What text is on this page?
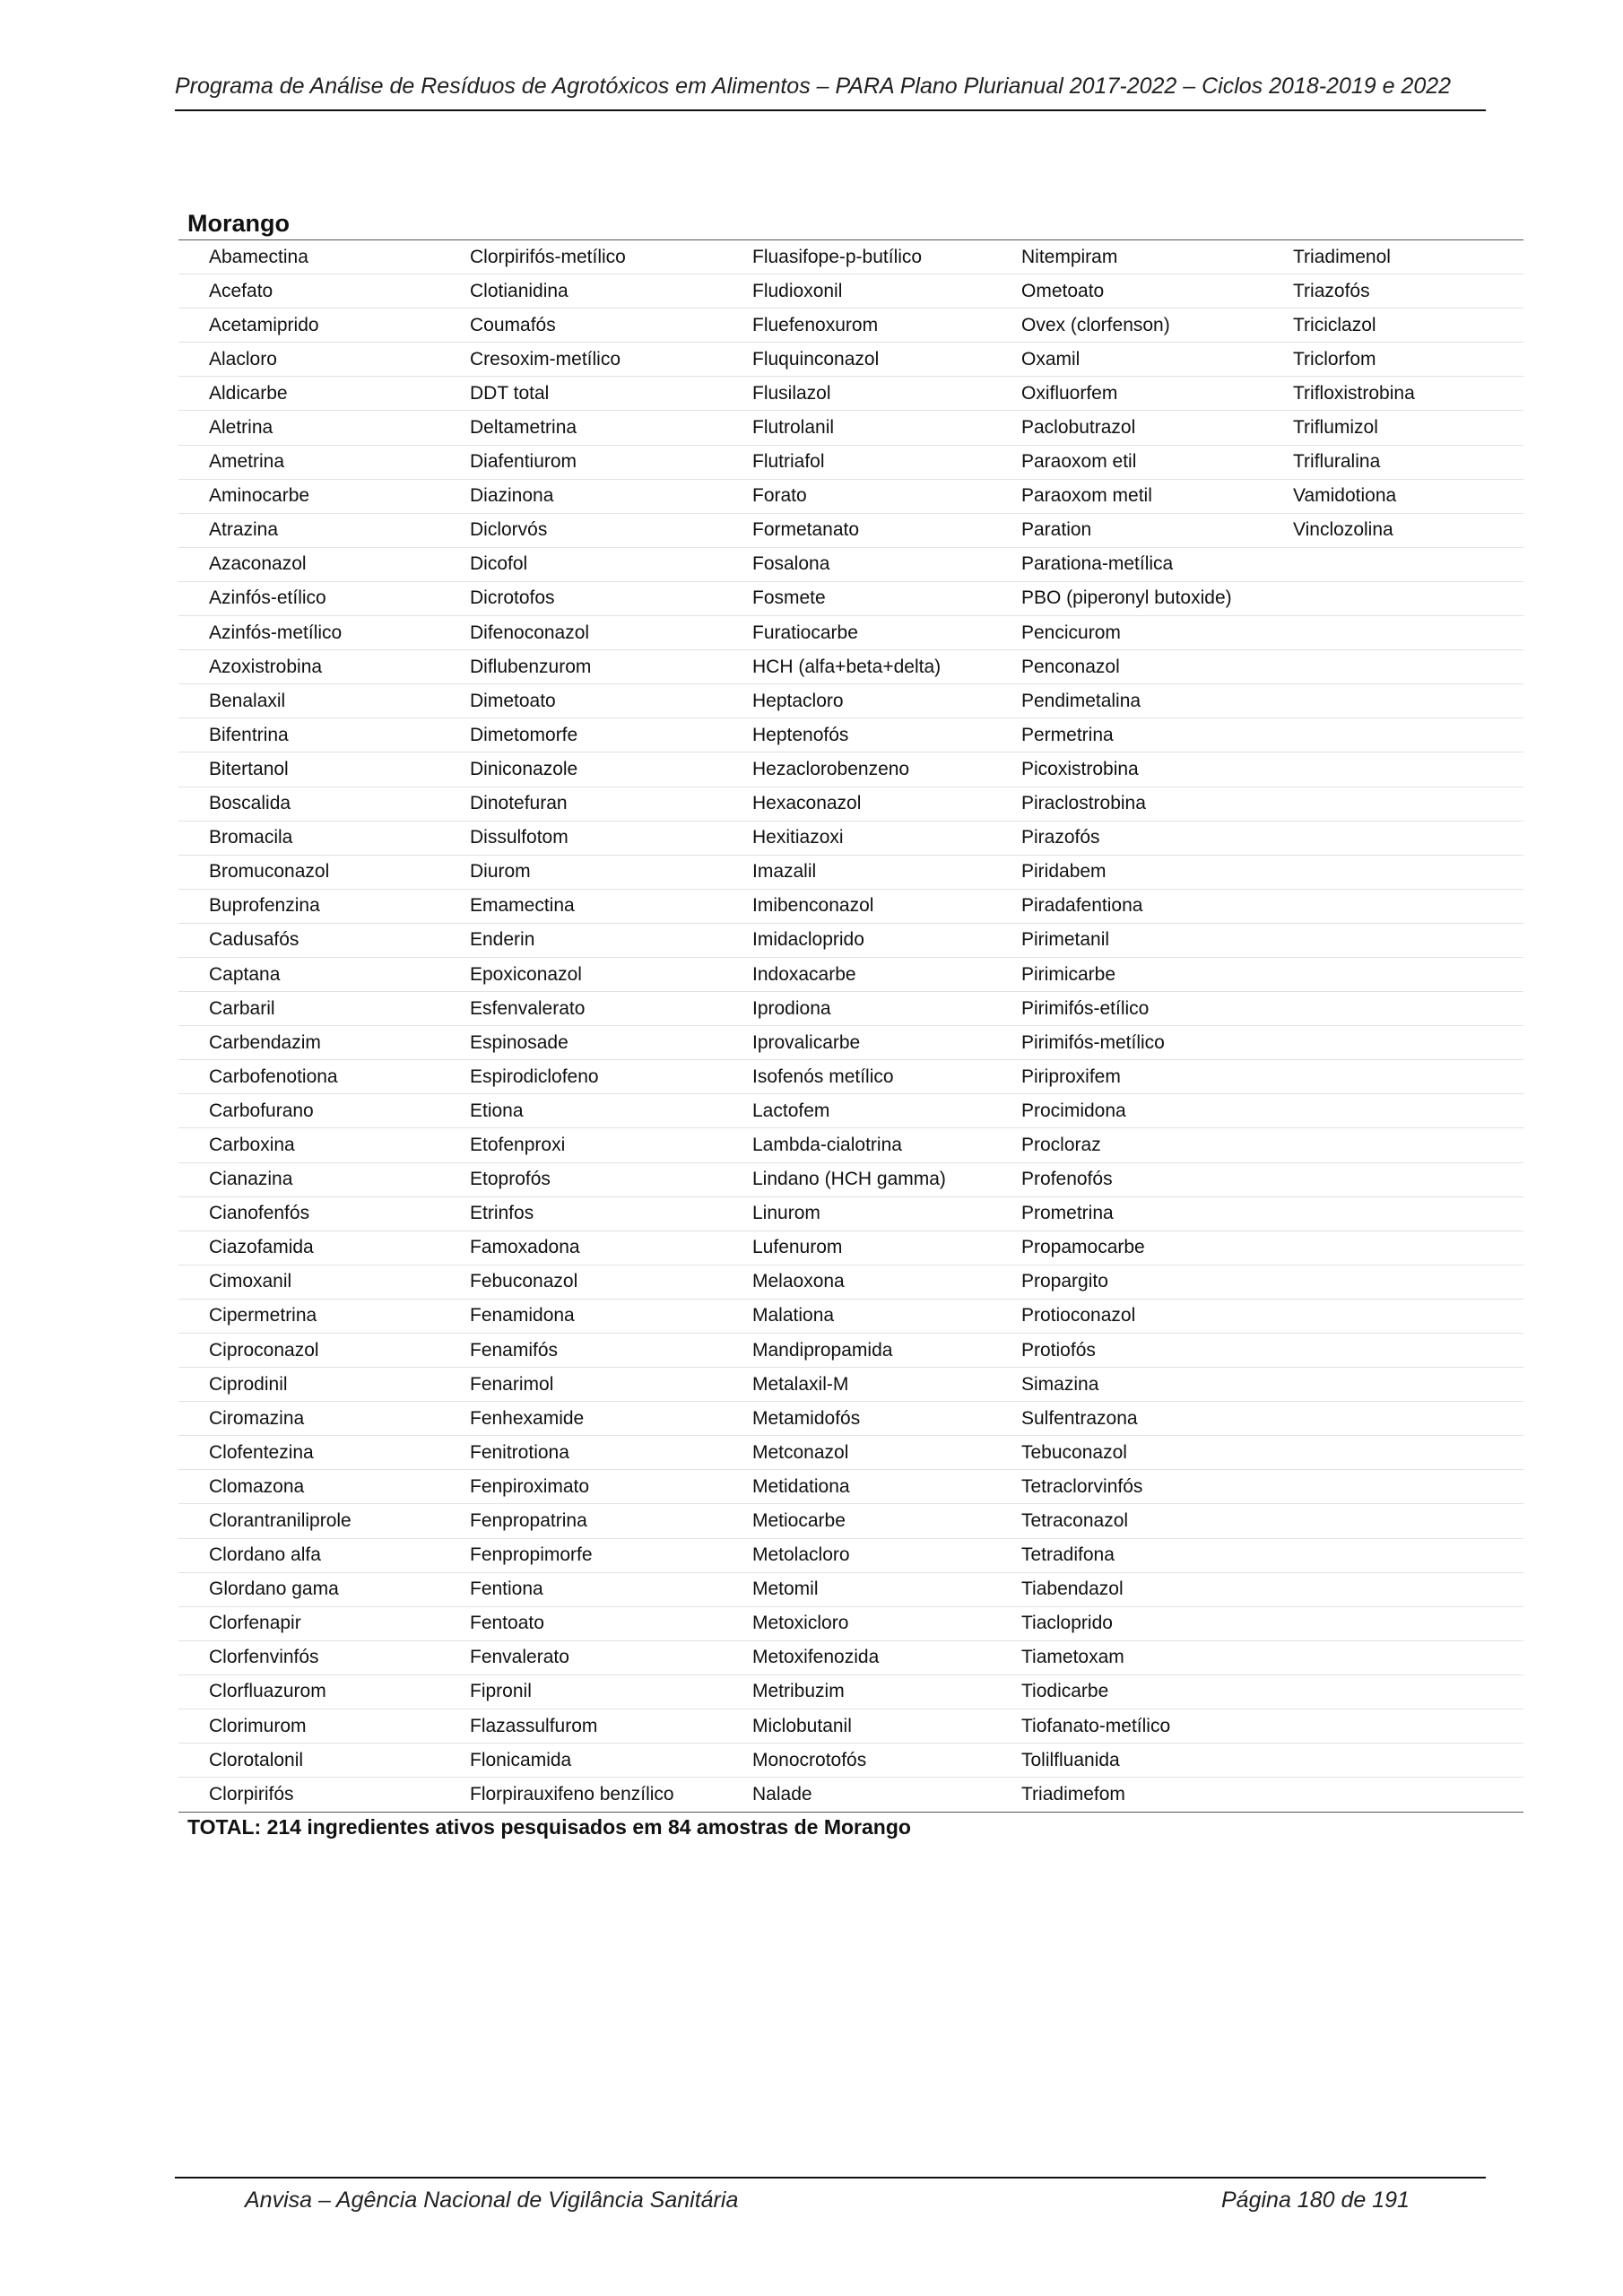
Programa de Análise de Resíduos de Agrotóxicos em Alimentos – PARA Plano Plurianual 2017-2022 – Ciclos 2018-2019 e 2022
Morango
Abamectina	Clorpirifós-metílico	Fluasifope-p-butílico	Nitempiram	Triadimenol
Acefato	Clotianidina	Fludioxonil	Ometoato	Triazofós
Acetamiprido	Coumafós	Fluefenoxurom	Ovex (clorfenson)	Triciclazol
Alacloro	Cresoxim-metílico	Fluquinconazol	Oxamil	Triclorfom
Aldicarbe	DDT total	Flusilazol	Oxifluorfem	Trifloxistrobina
Aletrina	Deltametrina	Flutrolanil	Paclobutrazol	Triflumizol
Ametrina	Diafentiurom	Flutriafol	Paraoxom etil	Trifluralina
Aminocarbe	Diazinona	Forato	Paraoxom metil	Vamidotiona
Atrazina	Diclorvós	Formetanato	Paration	Vinclozolina
Azaconazol	Dicofol	Fosalona	Parationa-metílica
Azinfós-etílico	Dicrotofos	Fosmete	PBO (piperonyl butoxide)
Azinfós-metílico	Difenoconazol	Furatiocarbe	Pencicurom
Azoxistrobina	Diflubenzurom	HCH (alfa+beta+delta)	Penconazol
Benalaxil	Dimetoato	Heptacloro	Pendimetalina
Bifentrina	Dimetomorfe	Heptenofós	Permetrina
Bitertanol	Diniconazole	Hezaclorobenzeno	Picoxistrobina
Boscalida	Dinotefuran	Hexaconazol	Piraclostrobina
Bromacila	Dissulfotom	Hexitiazoxi	Pirazofós
Bromuconazol	Diurom	Imazalil	Piridabem
Buprofenzina	Emamectina	Imibenconazol	Piradafentiona
Cadusafós	Enderin	Imidacloprido	Pirimetanil
Captana	Epoxiconazol	Indoxacarbe	Pirimicarbe
Carbaril	Esfenvalerato	Iprodiona	Pirimifós-etílico
Carbendazim	Espinosade	Iprovalicarbe	Pirimifós-metílico
Carbofenotiona	Espirodiclofeno	Isofenós metílico	Piriproxifem
Carbofurano	Etiona	Lactofem	Procimidona
Carboxina	Etofenproxi	Lambda-cialotrina	Procloraz
Cianazina	Etoprofós	Lindano (HCH gamma)	Profenofós
Cianofenfós	Etrinfos	Linurom	Prometrina
Ciazofamida	Famoxadona	Lufenurom	Propamocarbe
Cimoxanil	Febuconazol	Melaoxona	Propargito
Cipermetrina	Fenamidona	Malationa	Protioconazol
Ciproconazol	Fenamifós	Mandipropamida	Protiofós
Ciprodinil	Fenarimol	Metalaxil-M	Simazina
Ciromazina	Fenhexamide	Metamidofós	Sulfentrazona
Clofentezina	Fenitrotiona	Metconazol	Tebuconazol
Clomazona	Fenpiroximato	Metidationa	Tetraclorvinfós
Clorantraniliprole	Fenpropatrina	Metiocarbe	Tetraconazol
Clordano alfa	Fenpropimorfe	Metolacloro	Tetradifona
Glordano gama	Fentiona	Metomil	Tiabendazol
Clorfenapir	Fentoato	Metoxicloro	Tiacloprido
Clorfenvinfós	Fenvalerato	Metoxifenozida	Tiametoxam
Clorfluazurom	Fipronil	Metribuzim	Tiodicarbe
Clorimurom	Flazassulfurom	Miclobutanil	Tiofanato-metílico
Clorotalonil	Flonicamida	Monocrotofós	Tolilfluanida
Clorpirifós	Florpirauxifeno benzílico	Nalade	Triadimefom
TOTAL: 214 ingredientes ativos pesquisados em 84 amostras de Morango
Anvisa – Agência Nacional de Vigilância Sanitária	Página 180 de 191
